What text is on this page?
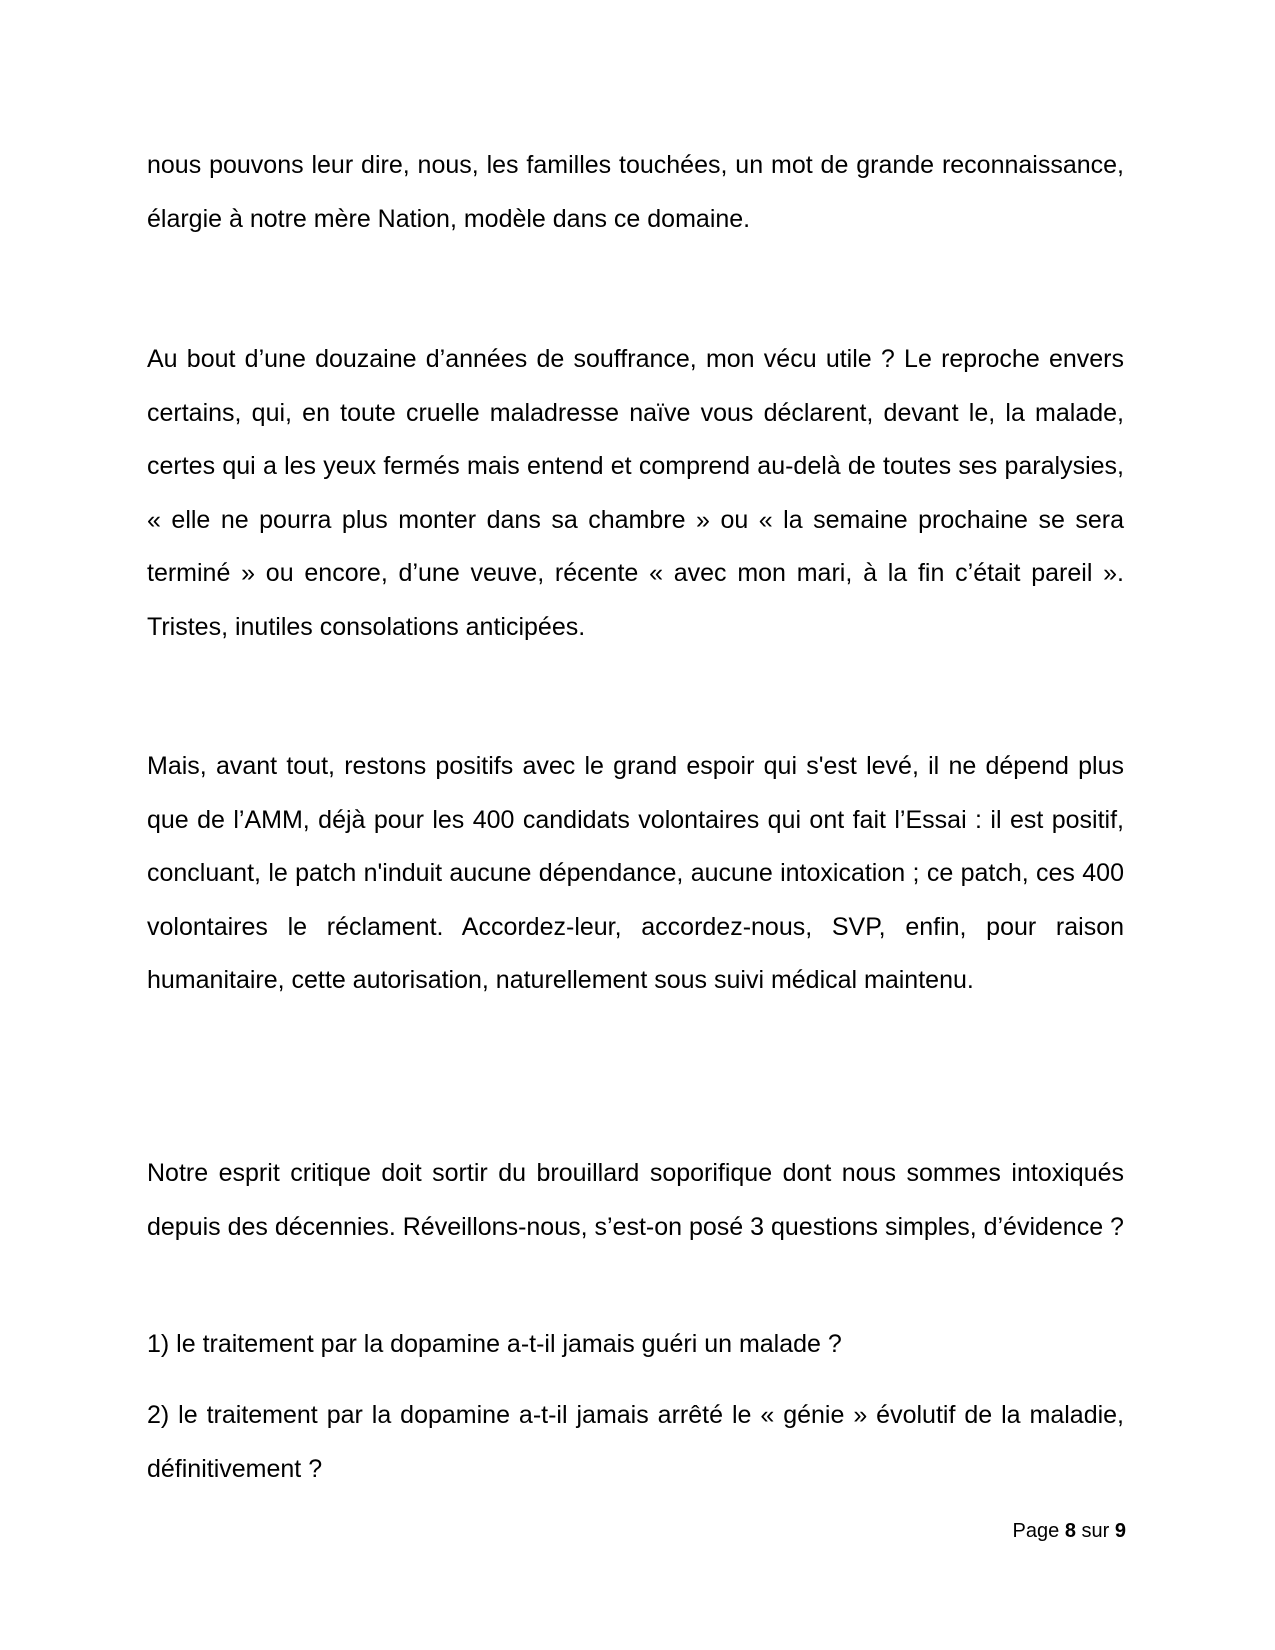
nous pouvons leur dire, nous, les familles touchées, un mot de grande reconnaissance, élargie à notre mère Nation, modèle dans ce domaine.

Au bout d’une douzaine d’années de souffrance, mon vécu utile ? Le reproche envers certains, qui, en toute cruelle maladresse naïve vous déclarent, devant le, la malade, certes qui a les yeux fermés mais entend et comprend au-delà de toutes ses paralysies, « elle ne pourra plus monter dans sa chambre » ou « la semaine prochaine se sera terminé » ou encore, d’une veuve, récente « avec mon mari, à la fin c’était pareil ». Tristes, inutiles consolations anticipées.

Mais, avant tout, restons positifs avec le grand espoir qui s'est levé, il ne dépend plus que de l’AMM, déjà pour les 400 candidats volontaires qui ont fait l’Essai : il est positif, concluant, le patch n'induit aucune dépendance, aucune intoxication ; ce patch, ces 400 volontaires le réclament. Accordez-leur, accordez-nous, SVP, enfin, pour raison humanitaire, cette autorisation, naturellement sous suivi médical maintenu.

Notre esprit critique doit sortir du brouillard soporifique dont nous sommes intoxiqués depuis des décennies. Réveillons-nous, s’est-on posé 3 questions simples, d’évidence ?

1) le traitement par la dopamine a-t-il jamais guéri un malade ?

2) le traitement par la dopamine a-t-il jamais arrêté le « génie » évolutif de la maladie, définitivement ?

Page 8 sur 9
